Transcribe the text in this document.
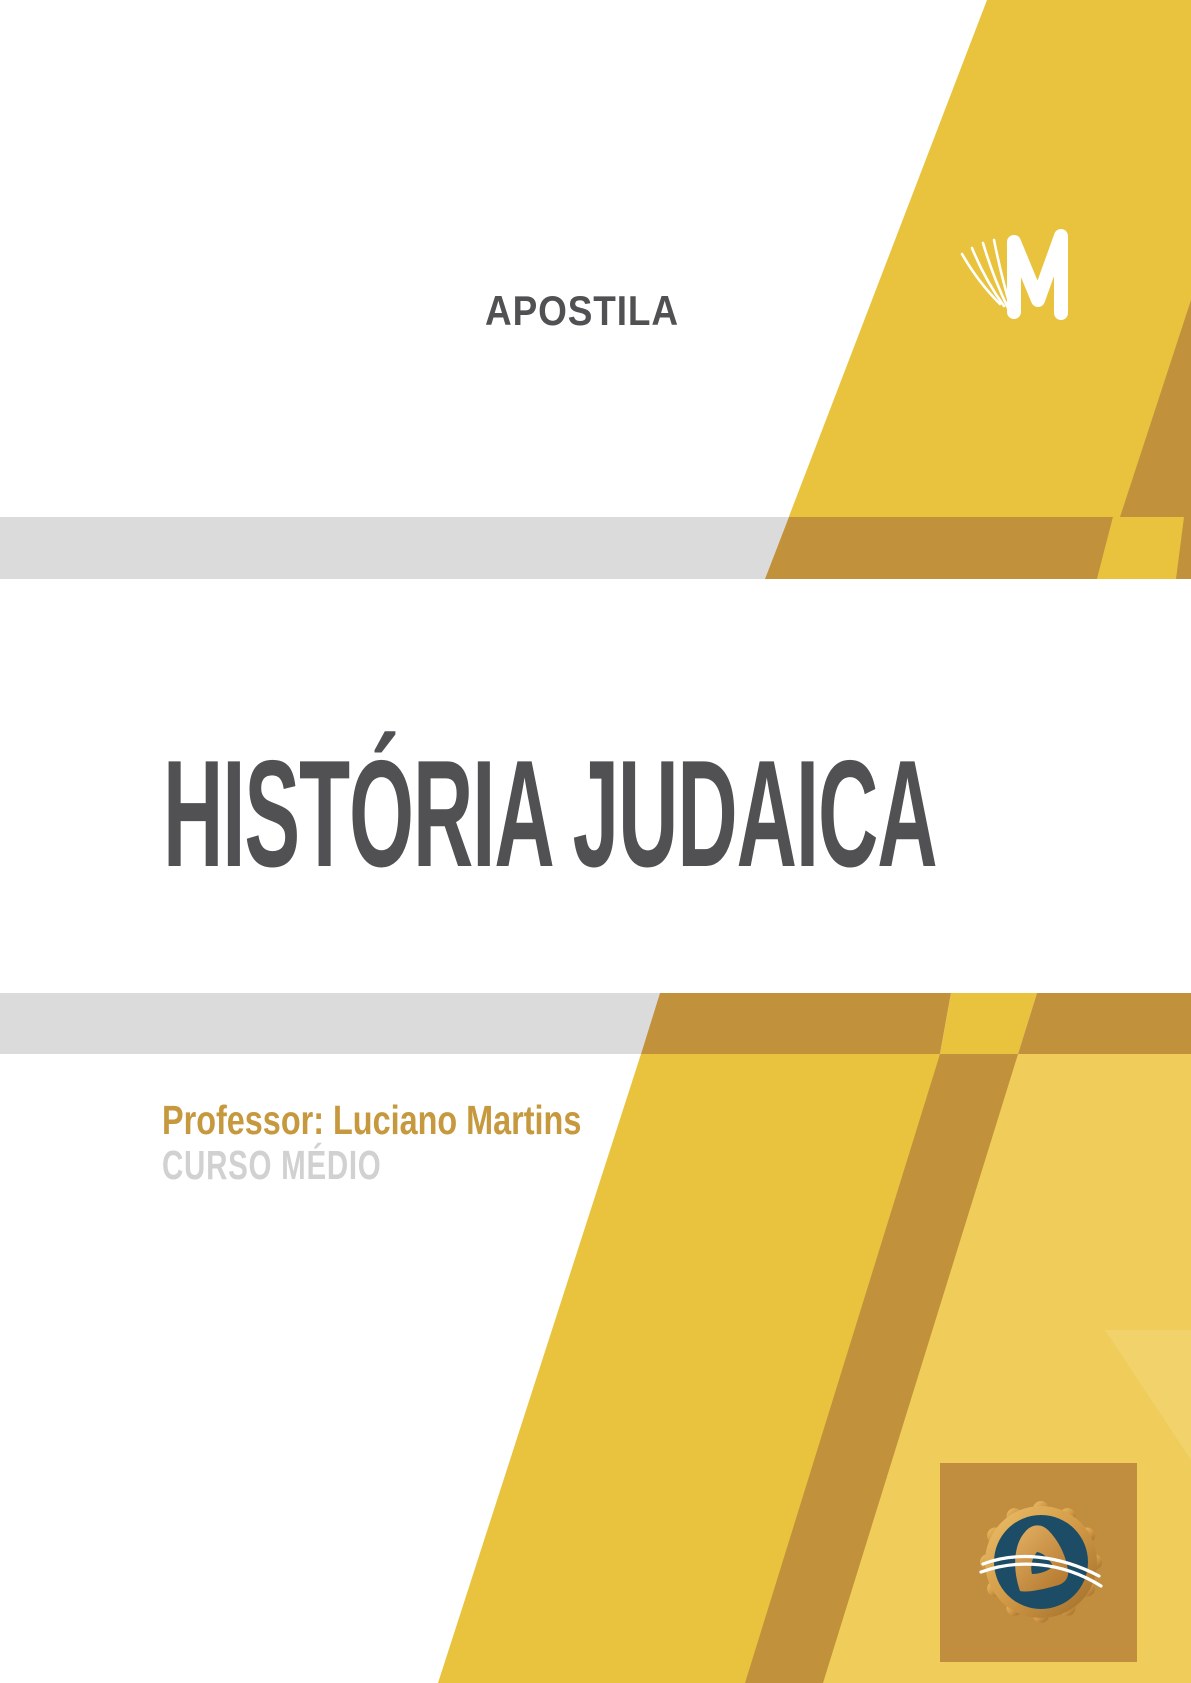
APOSTILA
HISTÓRIA JUDAICA
Professor: Luciano Martins
CURSO MÉDIO
